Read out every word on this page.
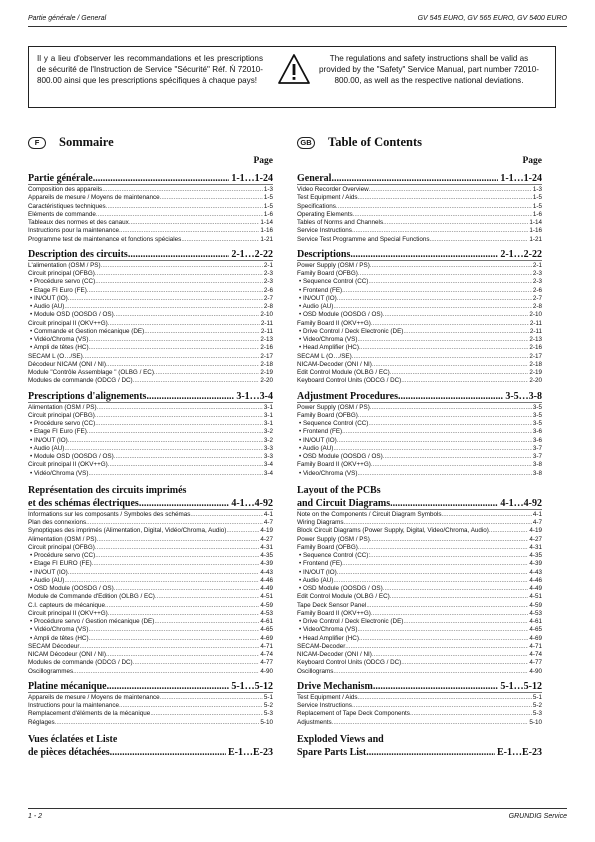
Partie générale / General	GV 545 EURO, GV 565 EURO, GV 5400 EURO
Il y a lieu d'observer les recommandations et les prescriptions de sécurité de l'Instruction de Service "Sécurité" Réf. Ń 72010-800.00 ainsi que les prescriptions spécifiques à chaque pays!
The regulations and safety instructions shall be valid as provided by the "Safety" Service Manual, part number 72010-800.00, as well as the respective national deviations.
F	Sommaire
Page
Partie générale .....	1-1…1-24
Composition des appareils .....	1-3
Appareils de mesure / Moyens de maintenance .....	1-5
Caractéristiques techniques .....	1-5
Eléments de commande .....	1-6
Tableaux des normes et des canaux .....	1-14
Instructions pour la maintenance .....	1-16
Programme test de maintenance et fonctions spéciales .....	1-21
Description des circuits .....	2-1…2-22
L'alimentation (OSM / PS) .....	2-1
Circuit principal (OFBG) .....	2-3
• Procédure servo (CC) .....	2-3
• Etage FI Euro (FE) .....	2-6
• IN/OUT (IO) .....	2-7
• Audio (AU) .....	2-8
• Module OSD (OOSDG / OS) .....	2-10
Circuit principal II (OKV++G) .....	2-11
• Commande et Gestion mécanique (DE) .....	2-11
• Vidéo/Chroma (VS) .....	2-13
• Ampli de têtes (HC) .....	2-16
SECAM L (O…/SE) .....	2-17
Décodeur NICAM (ONI / NI) .....	2-18
Module "Contrôle Assemblage " (OLBG / EC) .....	2-19
Modules de commande (ODCG / DC) .....	2-20
Prescriptions d'alignements .....	3-1…3-4
Alimentation (OSM / PS) .....	3-1
Circuit principal (OFBG) .....	3-1
• Procédure servo (CC) .....	3-1
• Etage FI Euro (FE) .....	3-2
• IN/OUT (IO) .....	3-2
• Audio (AU) .....	3-3
• Module OSD (OOSDG / OS) .....	3-3
Circuit principal II (OKV++G) .....	3-4
• Vidéo/Chroma (VS) .....	3-4
Représentation des circuits imprimés
et des schémas électriques .....	4-1…4-92
Informations sur les composants / Symboles des schémas .....	4-1
Plan des connexions .....	4-7
Synoptiques des imprimés (Alimentation, Digital, Vidéo/Chroma, Audio) .....	4-19
Alimentation (OSM / PS) .....	4-27
Circuit principal (OFBG) .....	4-31
• Procédure servo (CC) .....	4-35
• Etage FI EURO (FE) .....	4-39
• IN/OUT (IO) .....	4-43
• Audio (AU) .....	4-46
• OSD Module (OOSDG / OS) .....	4-49
Module de Commande d'Edition (OLBG / EC) .....	4-51
C.I. capteurs de mécanique .....	4-59
Circuit principal II (OKV++G) .....	4-53
• Procédure servo / Gestion mécanique (DE) .....	4-61
• Vidéo/Chroma (VS) .....	4-65
• Ampli de têtes (HC) .....	4-69
SECAM Décodeur .....	4-71
NICAM Décodeur (ONI / NI) .....	4-74
Modules de commande (ODCG / DC) .....	4-77
Oscillogrammes .....	4-90
Platine mécanique .....	5-1…5-12
Appareils de mesure / Moyens de maintenance .....	5-1
Instructions pour la maintenance .....	5-2
Remplacement d'éléments de la mécanique .....	5-3
Réglages .....	5-10
Vues éclatées et Liste
de pièces détachées .....	E-1…E-23
GB Table of Contents
Page
General .....	1-1…1-24
Video Recorder Overview .....	1-3
Test Equipment / Aids .....	1-5
Specifications .....	1-5
Operating Elements .....	1-6
Tables of Norms and Channels .....	1-14
Service Instructions .....	1-16
Service Test Programme and Special Functions .....	1-21
Descriptions .....	2-1…2-22
Power Supply (OSM / PS) .....	2-1
Family Board (OFBG) .....	2-3
• Sequence Control (CC) .....	2-3
• Frontend (FE) .....	2-6
• IN/OUT (IO) .....	2-7
• Audio (AU) .....	2-8
• OSD Module (OOSDG / OS) .....	2-10
Family Board II (OKV++G) .....	2-11
• Drive Control / Deck Electronic (DE) .....	2-11
• Video/Chroma (VS) .....	2-13
• Head Amplifier (HC) .....	2-16
SECAM L (O…/SE) .....	2-17
NICAM-Decoder (ONI / NI) .....	2-18
Edit Control Module (OLBG / EC) .....	2-19
Keyboard Control Units (ODCG / DC) .....	2-20
Adjustment Procedures .....	3-5…3-8
Power Supply (OSM / PS) .....	3-5
Family Board (OFBG) .....	3-5
• Sequence Control (CC) .....	3-5
• Frontend (FE) .....	3-6
• IN/OUT (IO) .....	3-6
• Audio (AU) .....	3-7
• OSD Module (OOSDG / OS) .....	3-7
Family Board II (OKV++G) .....	3-8
• Video/Chroma (VS) .....	3-8
Layout of the PCBs
and Circuit Diagrams .....	4-1…4-92
Note on the Components / Circuit Diagram Symbols .....	4-1
Wiring Diagrams .....	4-7
Block Circuit Diagrams (Power Supply, Digital, Video/Chroma, Audio) .....	4-19
Power Supply (OSM / PS) .....	4-27
Family Board (OFBG) .....	4-31
• Sequence Control (CC): .....	4-35
• Frontend (FE) .....	4-39
• IN/OUT (IO) .....	4-43
• Audio (AU) .....	4-46
• OSD Module (OOSDG / OS) .....	4-49
Edit Control Module (OLBG / EC) .....	4-51
Tape Deck Sensor Panel .....	4-59
Family Board II (OKV++G) .....	4-53
• Drive Control / Deck Electronic (DE) .....	4-61
• Video/Chroma (VS) .....	4-65
• Head Amplifier (HC) .....	4-69
SECAM-Decoder .....	4-71
NICAM-Decoder (ONI / NI) .....	4-74
Keyboard Control Units (ODCG / DC) .....	4-77
Oscillograms .....	4-90
Drive Mechanism .....	5-1…5-12
Test Equipment / Aids .....	5-1
Service Instructions .....	5-2
Replacement of Tape Deck Components .....	5-3
Adjustments .....	5-10
Exploded Views and
Spare Parts List .....	E-1…E-23
1 - 2	GRUNDIG Service
